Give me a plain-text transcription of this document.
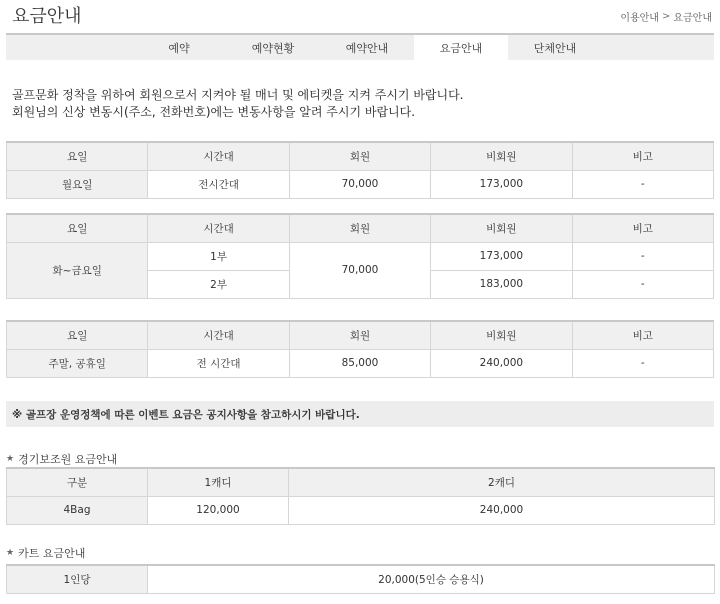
요금안내	이용안내 > 요금안내
예약	예약현황	예약안내	요금안내	단체안내
골프문화 정착을 위하여 회원으로서 지켜야 될 매너 및 에티켓을 지켜 주시기 바랍니다.
회원님의 신상 변동시(주소, 전화번호)에는 변동사항을 알려 주시기 바랍니다.
요일	시간대	회원	비회원	비고
월요일	전시간대	70,000	173,000	-
요일	시간대	회원	비회원	비고
화~금요일	1부	70,000	173,000	-
	2부		183,000	-
요일	시간대	회원	비회원	비고
주말, 공휴일	전 시간대	85,000	240,000	-
※ 골프장 운영정책에 따른 이벤트 요금은 공지사항을 참고하시기 바랍니다.
★ 경기보조원 요금안내
구분	1캐디	2캐디
4Bag	120,000	240,000
★ 카트 요금안내
1인당	20,000(5인승 승용식)
